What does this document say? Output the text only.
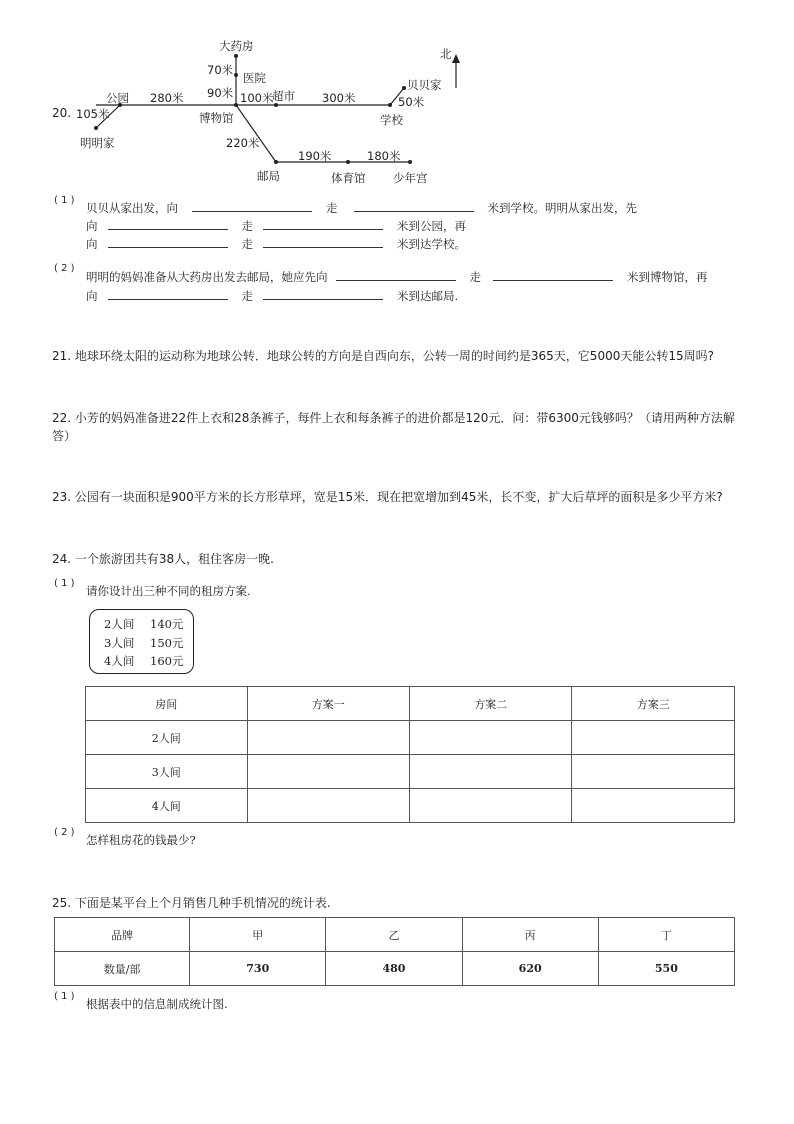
20.
大药房
70米
医院
90米
公园 280米	100米
超市 300米
贝贝家
50米
学校
105米	博物馆
明明家	220米
190米	180米
邮局	体育馆 少年宫
北
( 1 )
贝贝从家出发，向	走	米到学校。明明从家出发，先
向	走	米到公园，再
向	走	米到达学校。
( 2 )
明明的妈妈准备从大药房出发去邮局，她应先向	走	米到博物馆，再
向	走	米到达邮局.
21. 地球环绕太阳的运动称为地球公转．地球公转的方向是自西向东，公转一周的时间约是365天，它5000天能公转15周吗?
22. 小芳的妈妈准备进22件上衣和28条裤子，每件上衣和每条裤子的进价都是120元．问：带6300元钱够吗？（请用两种方法解
答）
23. 公园有一块面积是900平方米的长方形草坪，宽是15米．现在把宽增加到45米，长不变，扩大后草坪的面积是多少平方米?
24. 一个旅游团共有38人，租住客房一晚.
( 1 )
请你设计出三种不同的租房方案.
2人间 140元
3人间 150元
4人间 160元
房间	方案一	方案二	方案三
2人间			
3人间			
4人间			
( 2 )
怎样租房花的钱最少?
25. 下面是某平台上个月销售几种手机情况的统计表.
品牌	甲	乙	丙	丁
数量/部	730	480	620	550
( 1 )
根据表中的信息制成统计图.
